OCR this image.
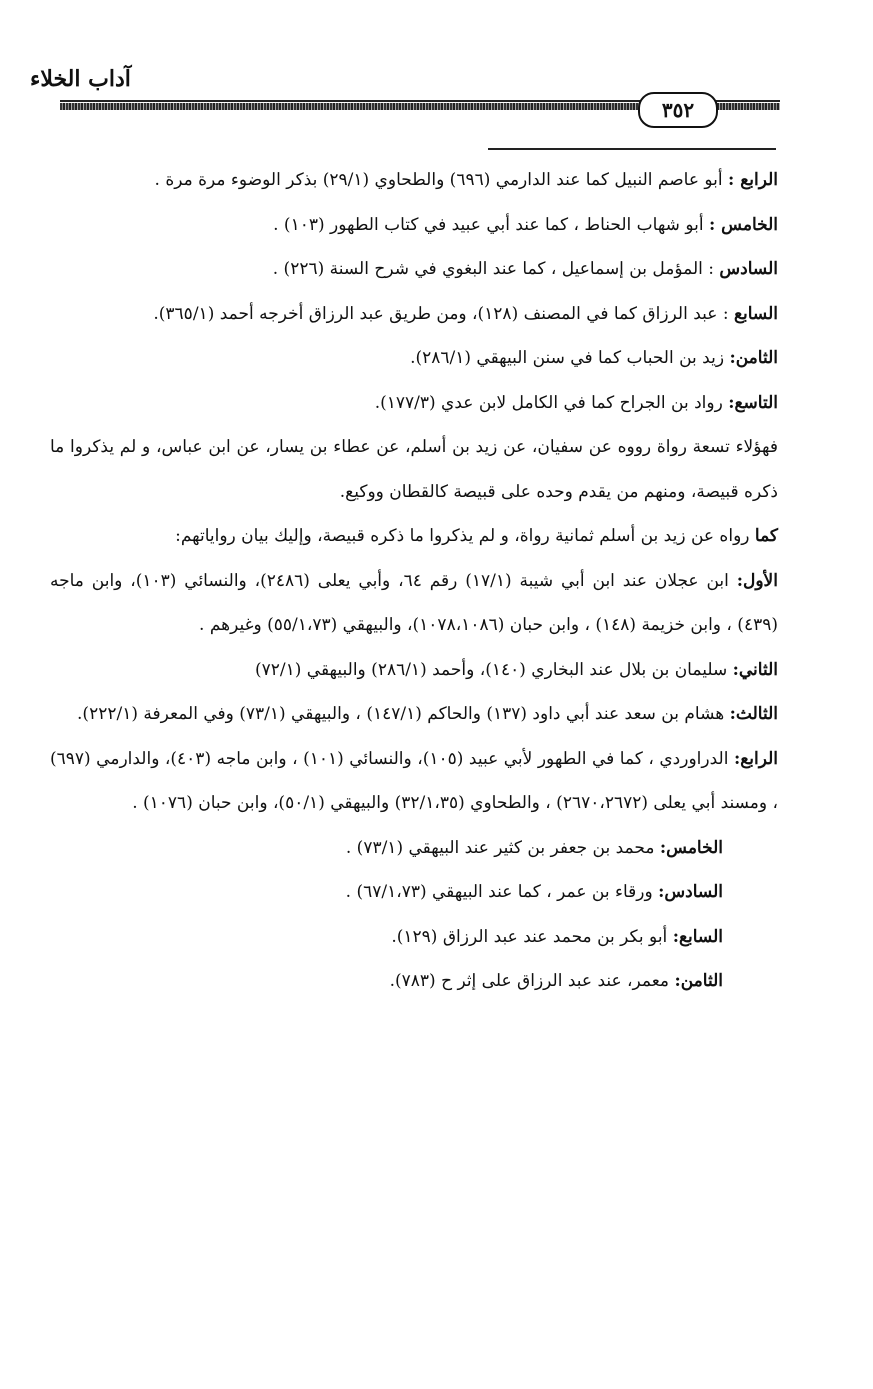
آداب الخلاء
٣٥٢

الرابع : أبو عاصم النبيل كما عند الدارمي (٦٩٦) والطحاوي (٢٩/١) بذكر الوضوء مرة مرة .

الخامس : أبو شهاب الحناط ، كما عند أبي عبيد في كتاب الطهور (١٠٣) .

السادس : المؤمل بن إسماعيل ، كما عند البغوي في شرح السنة (٢٢٦) .

السابع : عبد الرزاق كما في المصنف (١٢٨)، ومن طريق عبد الرزاق أخرجه أحمد (٣٦٥/١).

الثامن: زيد بن الحباب كما في سنن البيهقي (٢٨٦/١).

التاسع: رواد بن الجراح كما في الكامل لابن عدي (١٧٧/٣).

فهؤلاء تسعة رواة رووه عن سفيان، عن زيد بن أسلم، عن عطاء بن يسار، عن ابن عباس، و لم يذكروا ما ذكره قبيصة، ومنهم من يقدم وحده على قبيصة كالقطان ووكيع.

كما رواه عن زيد بن أسلم ثمانية رواة، و لم يذكروا ما ذكره قبيصة، وإليك بيان رواياتهم:

الأول: ابن عجلان عند ابن أبي شيبة (١٧/١) رقم ٦٤، وأبي يعلى (٢٤٨٦)، والنسائي (١٠٣)، وابن ماجه (٤٣٩) ، وابن خزيمة (١٤٨) ، وابن حبان (١٠٧٨،١٠٨٦)، والبيهقي (٥٥/١،٧٣) وغيرهم .

الثاني: سليمان بن بلال عند البخاري (١٤٠)، وأحمد (٢٨٦/١) والبيهقي (٧٢/١)

الثالث: هشام بن سعد عند أبي داود (١٣٧) والحاكم (١٤٧/١) ، والبيهقي (٧٣/١) وفي المعرفة (٢٢٢/١).

الرابع: الدراوردي ، كما في الطهور لأبي عبيد (١٠٥)، والنسائي (١٠١) ، وابن ماجه (٤٠٣)، والدارمي (٦٩٧) ، ومسند أبي يعلى (٢٦٧٠،٢٦٧٢) ، والطحاوي (٣٢/١،٣٥) والبيهقي (٥٠/١)، وابن حبان (١٠٧٦) .

الخامس: محمد بن جعفر بن كثير عند البيهقي (٧٣/١) .

السادس: ورقاء بن عمر ، كما عند البيهقي (٦٧/١،٧٣) .

السابع: أبو بكر بن محمد عند عبد الرزاق (١٢٩).

الثامن: معمر، عند عبد الرزاق على إثر ح (٧٨٣).
